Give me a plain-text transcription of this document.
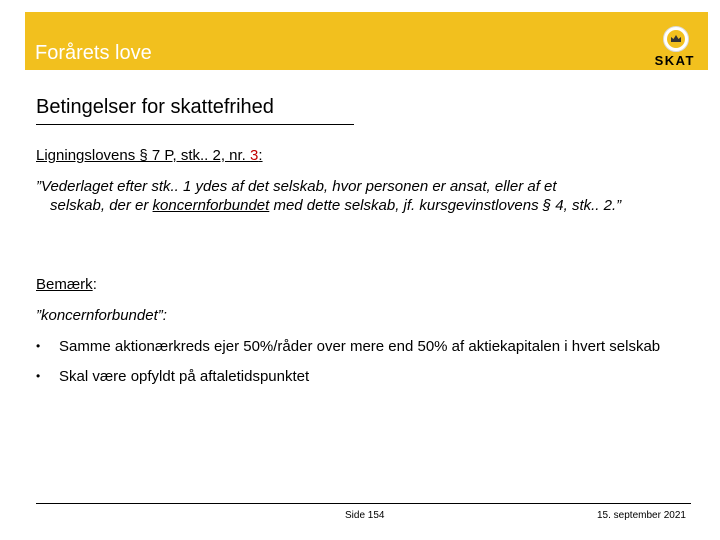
Forårets love	SKAT
Betingelser for skattefrihed
Ligningslovens § 7 P, stk.. 2, nr. 3:
”Vederlaget efter stk.. 1 ydes af det selskab, hvor personen er ansat, eller af et
selskab, der er koncernforbundet med dette selskab, jf. kursgevinstlovens § 4, stk.. 2.”
Bemærk:
”koncernforbundet”:
• Samme aktionærkreds ejer 50%/råder over mere end 50% af aktiekapitalen i hvert selskab
• Skal være opfyldt på aftaletidspunktet
Side 154	15. september 2021
